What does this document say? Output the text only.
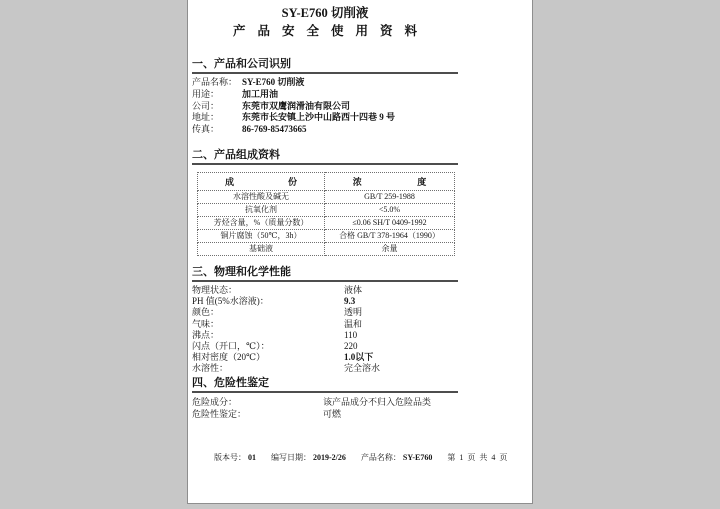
SY-E760 切削液
产品安全使用资料
一、产品和公司识别
产品名称： SY-E760 切削液
用途：	加工用油
公司：	东莞市双鹰润滑油有限公司
地址：	东莞市长安镇上沙中山路西十四巷 9 号
传真：	86-769-85473665
二、产品组成资料
成 份	浓 度

水溶性酸及碱无	GB/T 259-1988
抗氧化剂	<5.0%
芳烃含量，%（质量分数）	≤0.06 SH/T 0409-1992
铜片腐蚀（50℃，3h）	合格 GB/T 378-1964（1990）
基础液	余量
三、物理和化学性能
物理状态：	液体
PH 值(5%水溶液)：	9.3
颜色：	透明
气味：	温和
沸点：	110
闪点（开口，℃）：	220
相对密度（20℃）	1.0以下
水溶性：	完全溶水
四、危险性鉴定
危险成分：	该产品成分不归入危险品类
危险性鉴定：	可燃
版本号： 01 编写日期： 2019-2/26 产品名称： SY-E760 第 1 页 共 4 页
